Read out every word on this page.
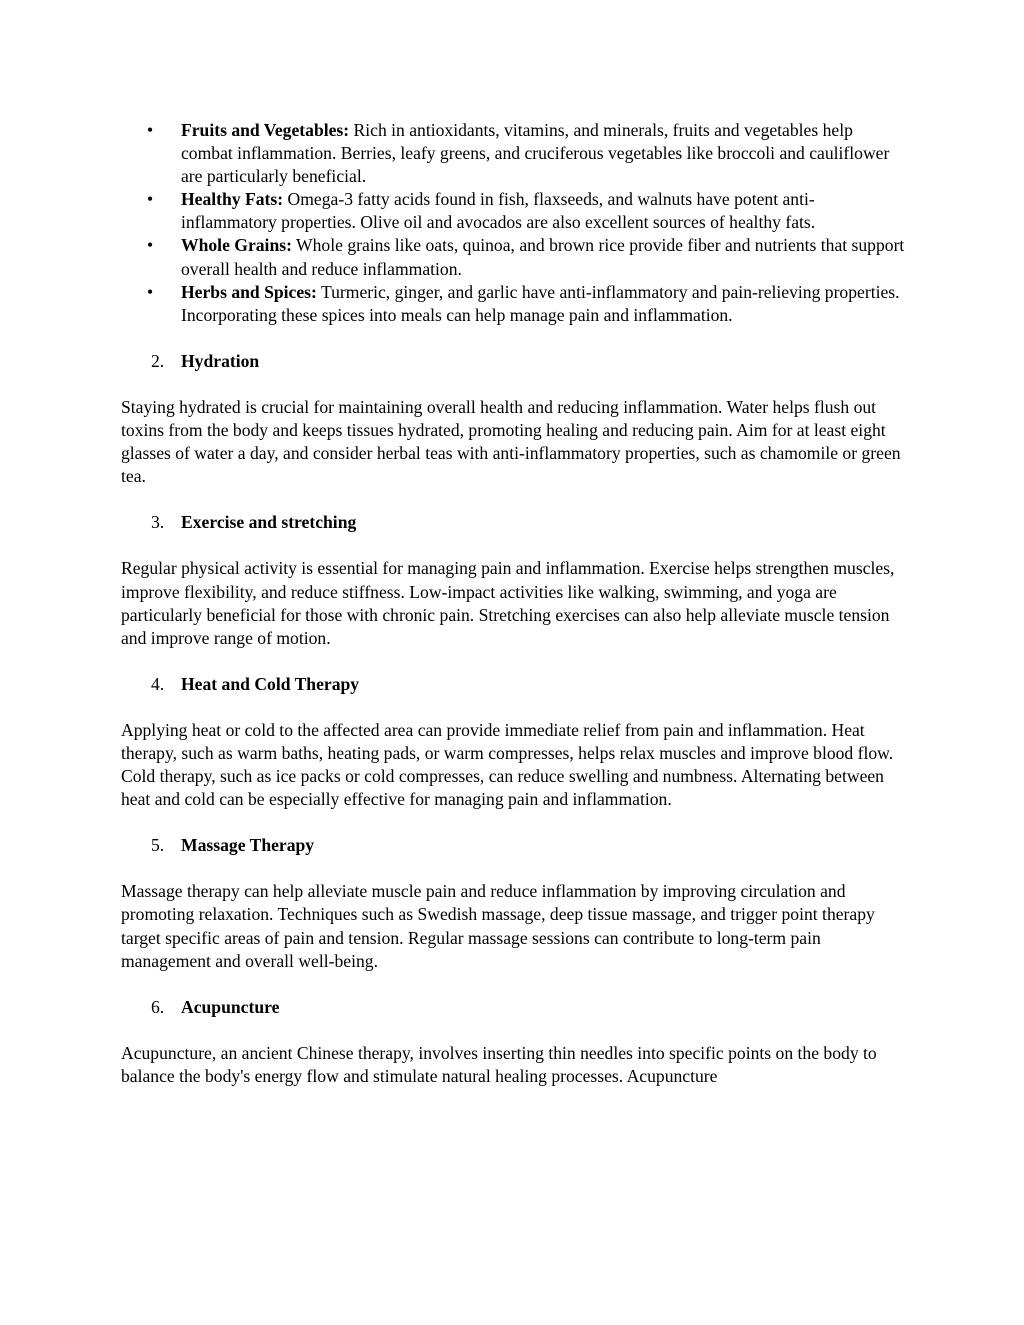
• Fruits and Vegetables: Rich in antioxidants, vitamins, and minerals, fruits and vegetables help combat inflammation. Berries, leafy greens, and cruciferous vegetables like broccoli and cauliflower are particularly beneficial.
• Healthy Fats: Omega-3 fatty acids found in fish, flaxseeds, and walnuts have potent anti-inflammatory properties. Olive oil and avocados are also excellent sources of healthy fats.
• Whole Grains: Whole grains like oats, quinoa, and brown rice provide fiber and nutrients that support overall health and reduce inflammation.
• Herbs and Spices: Turmeric, ginger, and garlic have anti-inflammatory and pain-relieving properties. Incorporating these spices into meals can help manage pain and inflammation.
2. Hydration

Staying hydrated is crucial for maintaining overall health and reducing inflammation. Water helps flush out toxins from the body and keeps tissues hydrated, promoting healing and reducing pain. Aim for at least eight glasses of water a day, and consider herbal teas with anti-inflammatory properties, such as chamomile or green tea.

3. Exercise and stretching

Regular physical activity is essential for managing pain and inflammation. Exercise helps strengthen muscles, improve flexibility, and reduce stiffness. Low-impact activities like walking, swimming, and yoga are particularly beneficial for those with chronic pain. Stretching exercises can also help alleviate muscle tension and improve range of motion.

4. Heat and Cold Therapy

Applying heat or cold to the affected area can provide immediate relief from pain and inflammation. Heat therapy, such as warm baths, heating pads, or warm compresses, helps relax muscles and improve blood flow. Cold therapy, such as ice packs or cold compresses, can reduce swelling and numbness. Alternating between heat and cold can be especially effective for managing pain and inflammation.

5. Massage Therapy

Massage therapy can help alleviate muscle pain and reduce inflammation by improving circulation and promoting relaxation. Techniques such as Swedish massage, deep tissue massage, and trigger point therapy target specific areas of pain and tension. Regular massage sessions can contribute to long-term pain management and overall well-being.

6. Acupuncture

Acupuncture, an ancient Chinese therapy, involves inserting thin needles into specific points on the body to balance the body's energy flow and stimulate natural healing processes. Acupuncture
